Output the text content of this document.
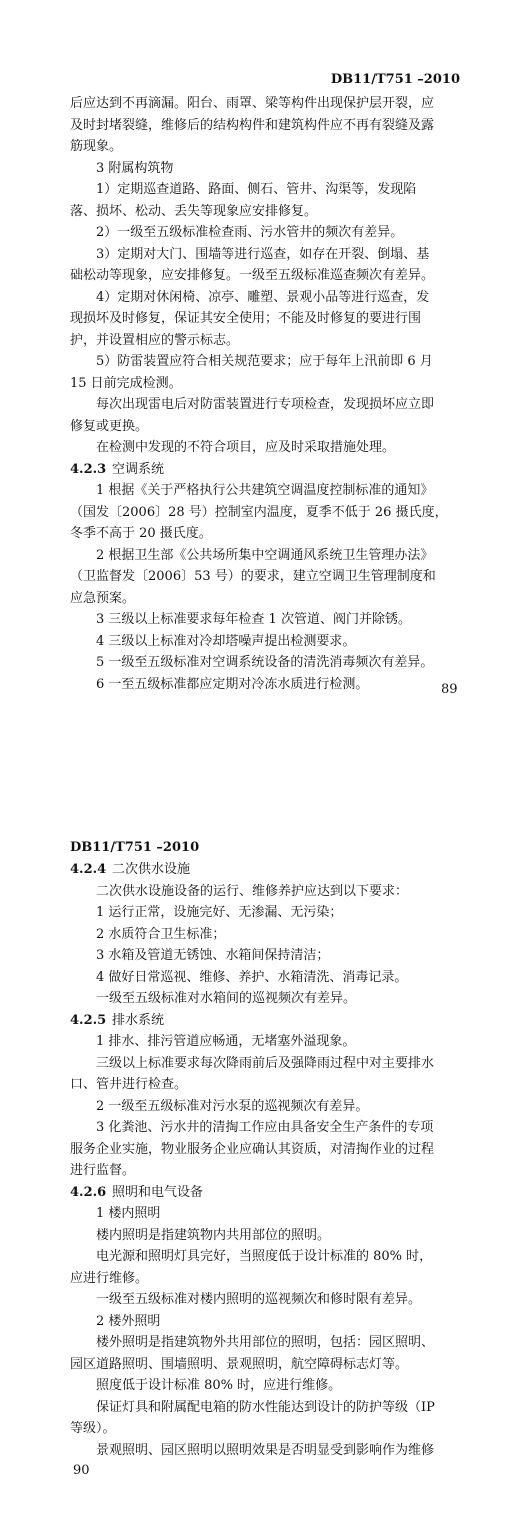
DB11/T751 –2010
后应达到不再滴漏。阳台、雨罩、梁等构件出现保护层开裂，应
及时封堵裂缝，维修后的结构构件和建筑构件应不再有裂缝及露
筋现象。
3 附属构筑物
1）定期巡查道路、路面、侧石、管井、沟渠等，发现陷
落、损坏、松动、丢失等现象应安排修复。
2）一级至五级标准检查雨、污水管井的频次有差异。
3）定期对大门、围墙等进行巡查，如存在开裂、倒塌、基
础松动等现象，应安排修复。一级至五级标准巡查频次有差异。
4）定期对休闲椅、凉亭、雕塑、景观小品等进行巡查，发
现损坏及时修复，保证其安全使用；不能及时修复的要进行围
护，并设置相应的警示标志。
5）防雷装置应符合相关规范要求；应于每年上汛前即 6 月
15 日前完成检测。
每次出现雷电后对防雷装置进行专项检查，发现损坏应立即
修复或更换。
在检测中发现的不符合项目，应及时采取措施处理。
4.2.3 空调系统
1 根据《关于严格执行公共建筑空调温度控制标准的通知》
（国发〔2006〕28 号）控制室内温度，夏季不低于 26 摄氏度，
冬季不高于 20 摄氏度。
2 根据卫生部《公共场所集中空调通风系统卫生管理办法》
（卫监督发〔2006〕53 号）的要求，建立空调卫生管理制度和
应急预案。
3 三级以上标准要求每年检查 1 次管道、阀门并除锈。
4 三级以上标准对冷却塔噪声提出检测要求。
5 一级至五级标准对空调系统设备的清洗消毒频次有差异。
6 一至五级标准都应定期对冷冻水质进行检测。	89
DB11/T751 –2010
4.2.4 二次供水设施
二次供水设施设备的运行、维修养护应达到以下要求：
1 运行正常，设施完好、无渗漏、无污染；
2 水质符合卫生标准；
3 水箱及管道无锈蚀、水箱间保持清洁；
4 做好日常巡视、维修、养护、水箱清洗、消毒记录。
一级至五级标准对水箱间的巡视频次有差异。
4.2.5 排水系统
1 排水、排污管道应畅通，无堵塞外溢现象。
三级以上标准要求每次降雨前后及强降雨过程中对主要排水
口、管井进行检查。
2 一级至五级标准对污水泵的巡视频次有差异。
3 化粪池、污水井的清掏工作应由具备安全生产条件的专项
服务企业实施，物业服务企业应确认其资质，对清掏作业的过程
进行监督。
4.2.6 照明和电气设备
1 楼内照明
楼内照明是指建筑物内共用部位的照明。
电光源和照明灯具完好，当照度低于设计标准的 80% 时，
应进行维修。
一级至五级标准对楼内照明的巡视频次和修时限有差异。
2 楼外照明
楼外照明是指建筑物外共用部位的照明，包括：园区照明、
园区道路照明、围墙照明、景观照明，航空障碍标志灯等。
照度低于设计标准 80% 时，应进行维修。
保证灯具和附属配电箱的防水性能达到设计的防护等级（IP
等级）。
景观照明、园区照明以照明效果是否明显受到影响作为维修
90
